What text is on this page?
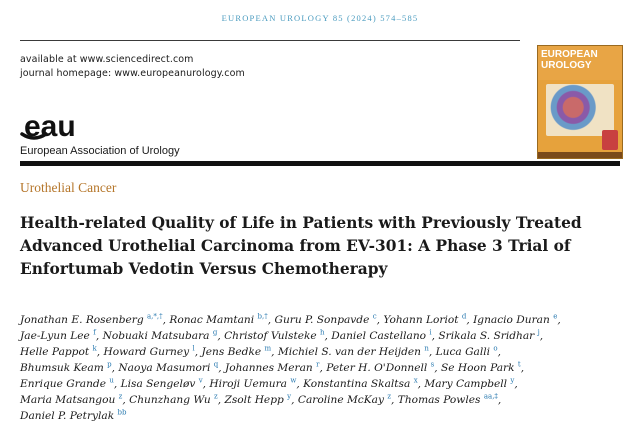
EUROPEAN UROLOGY 85 (2024) 574–585
available at www.sciencedirect.com
journal homepage: www.europeanurology.com
eau
European Association of Urology
EUROPEAN
UROLOGY
Urothelial Cancer
Health-related Quality of Life in Patients with Previously Treated
Advanced Urothelial Carcinoma from EV-301: A Phase 3 Trial of
Enfortumab Vedotin Versus Chemotherapy
Jonathan E. Rosenberg $^{a,*,\dagger}$, Ronac Mamtani $^{b,\dagger}$, Guru P. Sonpavde $^c$, Yohann Loriot $^d$, Ignacio Duran $^e$,
Jae-Lyun Lee $^f$, Nobuaki Matsubara $^g$, Christof Vulsteke $^h$, Daniel Castellano $^i$, Srikala S. Sridhar $^j$,
Helle Pappot $^k$, Howard Gurney $^l$, Jens Bedke $^m$, Michiel S. van der Heijden $^n$, Luca Galli $^o$,
Bhumsuk Keam $^p$, Naoya Masumori $^q$, Johannes Meran $^r$, Peter H. O'Donnell $^s$, Se Hoon Park $^t$,
Enrique Grande $^u$, Lisa Sengeløv $^v$, Hiroji Uemura $^w$, Konstantina Skaltsa $^x$, Mary Campbell $^y$,
Maria Matsangou $^z$, Chunzhang Wu $^z$, Zsolt Hepp $^y$, Caroline McKay $^z$, Thomas Powles $^{aa,\ddagger}$,
Daniel P. Petrylak $^{bb}$
